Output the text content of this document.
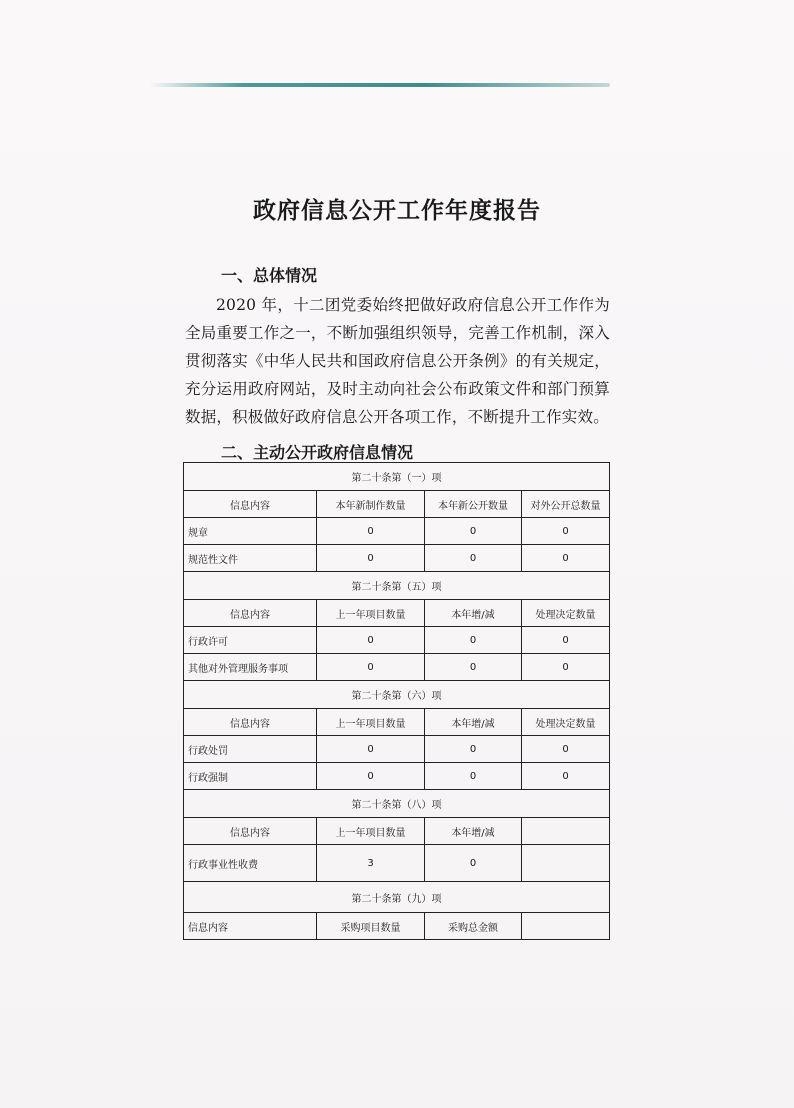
政府信息公开工作年度报告
一、总体情况
2020 年，十二团党委始终把做好政府信息公开工作作为全局重要工作之一，不断加强组织领导，完善工作机制，深入贯彻落实《中华人民共和国政府信息公开条例》的有关规定，充分运用政府网站，及时主动向社会公布政策文件和部门预算数据，积极做好政府信息公开各项工作，不断提升工作实效。
二、主动公开政府信息情况
第二十条第（一）项			
信息内容	本年新制作数量	本年新公开数量	对外公开总数量
规章	0	0	0
规范性文件	0	0	0
第二十条第（五）项			
信息内容	上一年项目数量	本年增/减	处理决定数量
行政许可	0	0	0
其他对外管理服务事项	0	0	0
第二十条第（六）项			
信息内容	上一年项目数量	本年增/减	处理决定数量
行政处罚	0	0	0
行政强制	0	0	0
第二十条第（八）项			
信息内容	上一年项目数量	本年增/减	
行政事业性收费	3	0	
第二十条第（九）项			
信息内容	采购项目数量	采购总金额	
